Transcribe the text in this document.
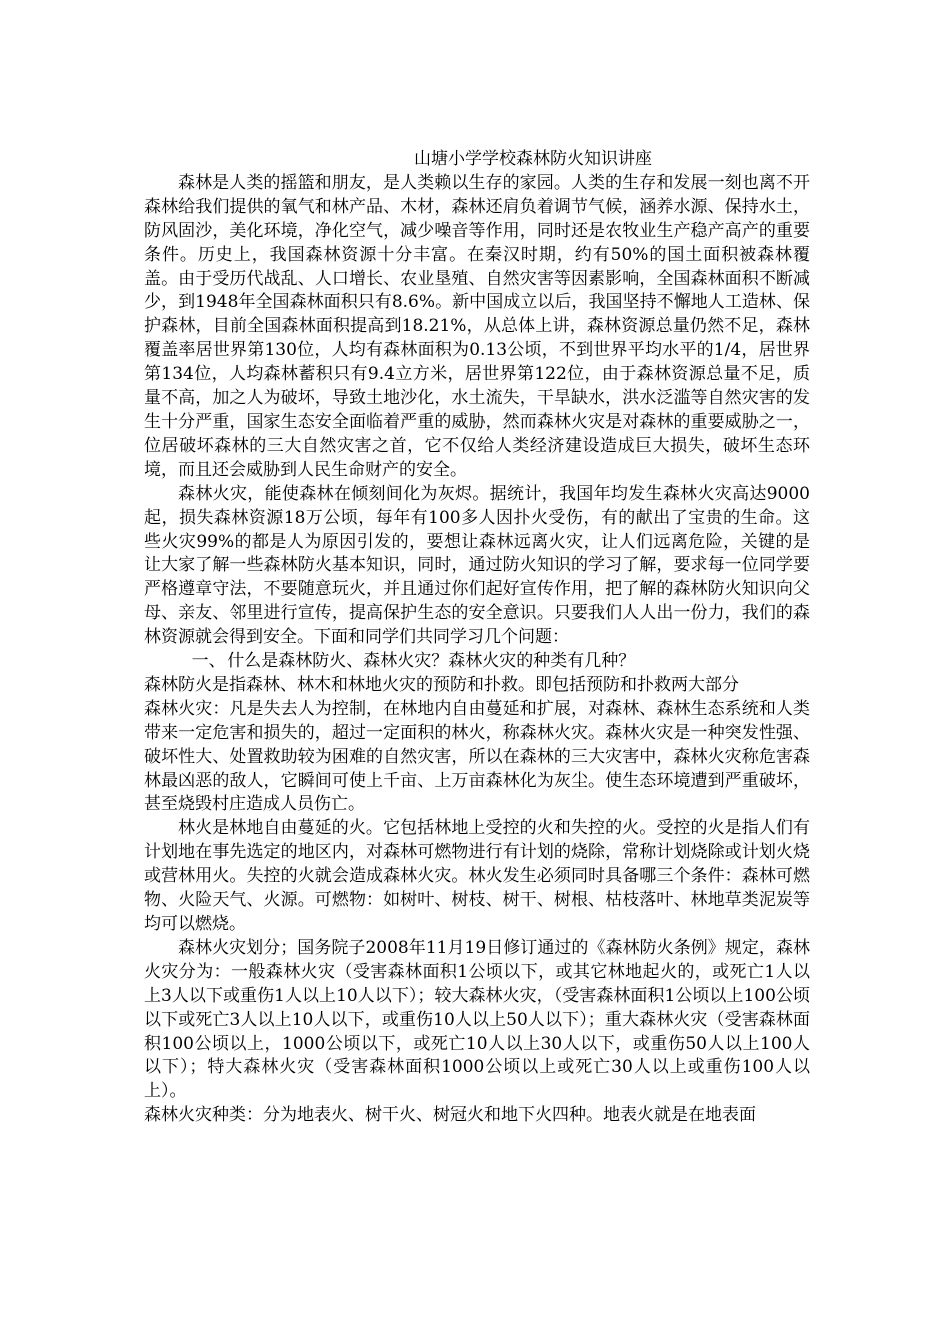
山塘小学学校森林防火知识讲座

森林是人类的摇篮和朋友，是人类赖以生存的家园。人类的生存和发展一刻也离不开森林给我们提供的氧气和林产品、木材，森林还肩负着调节气候，涵养水源、保持水土，防风固沙，美化环境，净化空气，减少噪音等作用，同时还是农牧业生产稳产高产的重要条件。历史上，我国森林资源十分丰富。在秦汉时期，约有50%的国土面积被森林覆盖。由于受历代战乱、人口增长、农业垦殖、自然灾害等因素影响，全国森林面积不断减少，到1948年全国森林面积只有8.6%。新中国成立以后，我国坚持不懈地人工造林、保护森林，目前全国森林面积提高到18.21%，从总体上讲，森林资源总量仍然不足，森林覆盖率居世界第130位，人均有森林面积为0.13公顷，不到世界平均水平的1/4，居世界第134位，人均森林蓄积只有9.4立方米，居世界第122位，由于森林资源总量不足，质量不高，加之人为破坏，导致土地沙化，水土流失，干旱缺水，洪水泛滥等自然灾害的发生十分严重，国家生态安全面临着严重的威胁，然而森林火灾是对森林的重要威胁之一，位居破坏森林的三大自然灾害之首，它不仅给人类经济建设造成巨大损失，破坏生态环境，而且还会威胁到人民生命财产的安全。

森林火灾，能使森林在倾刻间化为灰烬。据统计，我国年均发生森林火灾高达9000起，损失森林资源18万公顷，每年有100多人因扑火受伤，有的献出了宝贵的生命。这些火灾99%的都是人为原因引发的，要想让森林远离火灾，让人们远离危险，关键的是让大家了解一些森林防火基本知识，同时，通过防火知识的学习了解，要求每一位同学要严格遵章守法，不要随意玩火，并且通过你们起好宣传作用，把了解的森林防火知识向父母、亲友、邻里进行宣传，提高保护生态的安全意识。只要我们人人出一份力，我们的森林资源就会得到安全。下面和同学们共同学习几个问题：

一、 什么是森林防火、森林火灾？森林火灾的种类有几种？

森林防火是指森林、林木和林地火灾的预防和扑救。即包括预防和扑救两大部分

森林火灾：凡是失去人为控制，在林地内自由蔓延和扩展，对森林、森林生态系统和人类带来一定危害和损失的，超过一定面积的林火，称森林火灾。森林火灾是一种突发性强、破坏性大、处置救助较为困难的自然灾害，所以在森林的三大灾害中，森林火灾称危害森林最凶恶的敌人，它瞬间可使上千亩、上万亩森林化为灰尘。使生态环境遭到严重破坏，甚至烧毁村庄造成人员伤亡。

林火是林地自由蔓延的火。它包括林地上受控的火和失控的火。受控的火是指人们有计划地在事先选定的地区内，对森林可燃物进行有计划的烧除，常称计划烧除或计划火烧或营林用火。失控的火就会造成森林火灾。林火发生必须同时具备哪三个条件：森林可燃物、火险天气、火源。可燃物：如树叶、树枝、树干、树根、枯枝落叶、林地草类泥炭等均可以燃烧。

森林火灾划分；国务院子2008年11月19日修订通过的《森林防火条例》规定，森林火灾分为：一般森林火灾（受害森林面积1公顷以下，或其它林地起火的，或死亡1人以上3人以下或重伤1人以上10人以下）；较大森林火灾，（受害森林面积1公顷以上100公顷以下或死亡3人以上10人以下，或重伤10人以上50人以下）；重大森林火灾（受害森林面积100公顷以上，1000公顷以下，或死亡10人以上30人以下，或重伤50人以上100人以下）；特大森林火灾（受害森林面积1000公顷以上或死亡30人以上或重伤100人以上）。

森林火灾种类：分为地表火、树干火、树冠火和地下火四种。地表火就是在地表面
